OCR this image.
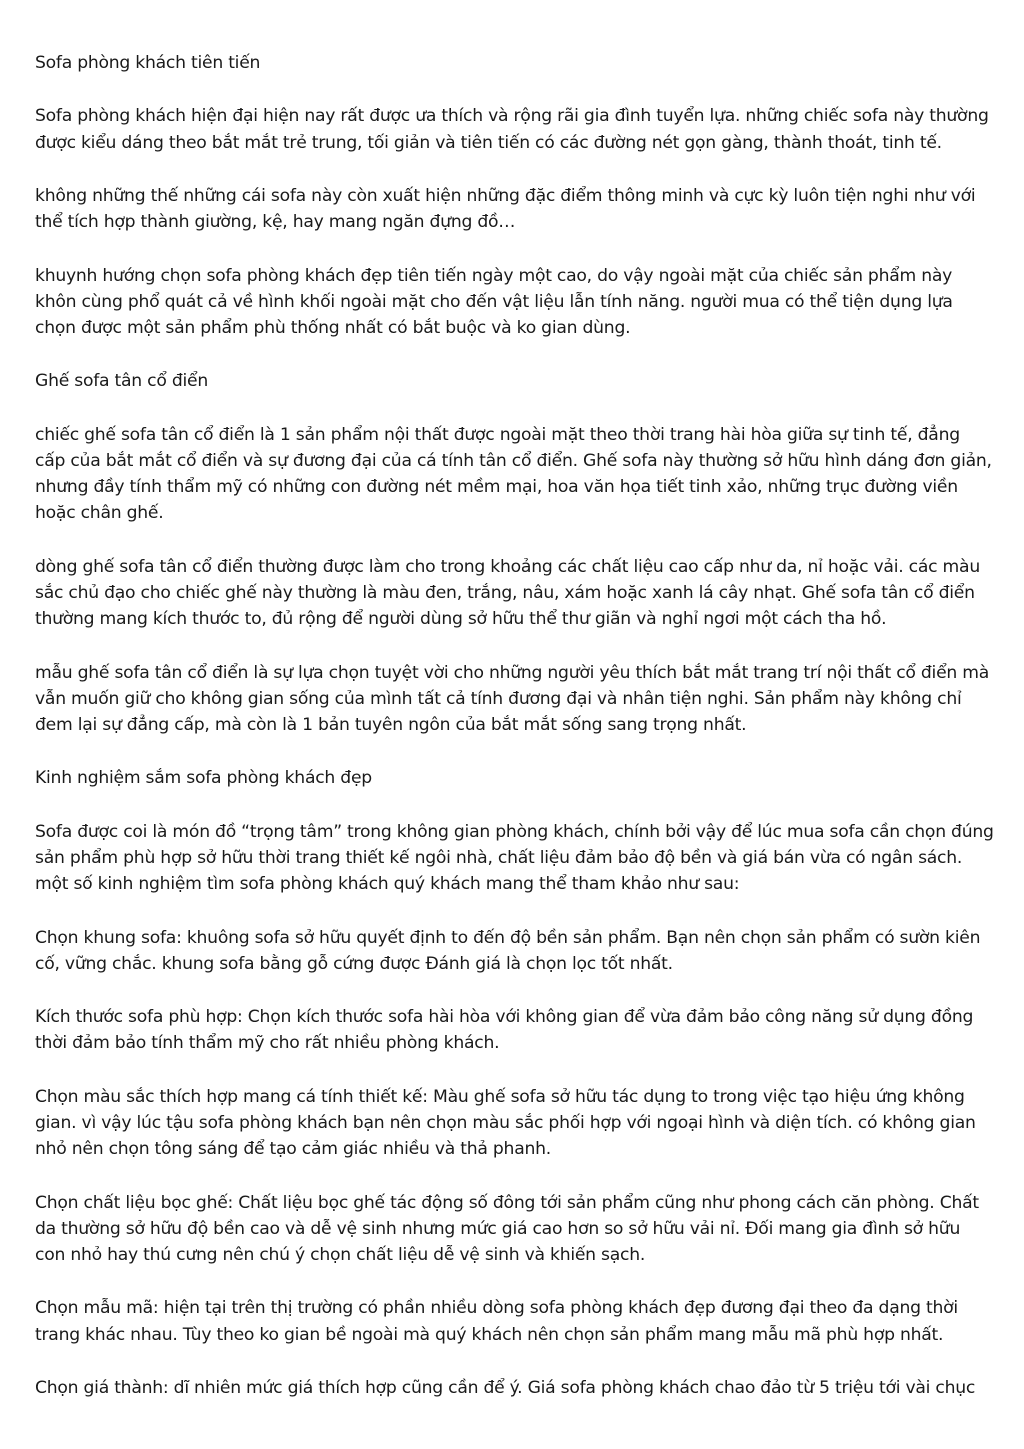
Sofa phòng khách tiên tiến

Sofa phòng khách hiện đại hiện nay rất được ưa thích và rộng rãi gia đình tuyển lựa. những chiếc sofa này thường được kiểu dáng theo bắt mắt trẻ trung, tối giản và tiên tiến có các đường nét gọn gàng, thành thoát, tinh tế.

không những thế những cái sofa này còn xuất hiện những đặc điểm thông minh và cực kỳ luôn tiện nghi như với thể tích hợp thành giường, kệ, hay mang ngăn đựng đồ…

khuynh hướng chọn sofa phòng khách đẹp tiên tiến ngày một cao, do vậy ngoài mặt của chiếc sản phẩm này khôn cùng phổ quát cả về hình khối ngoài mặt cho đến vật liệu lẫn tính năng. người mua có thể tiện dụng lựa chọn được một sản phẩm phù thống nhất có bắt buộc và ko gian dùng.

Ghế sofa tân cổ điển

chiếc ghế sofa tân cổ điển là 1 sản phẩm nội thất được ngoài mặt theo thời trang hài hòa giữa sự tinh tế, đẳng cấp của bắt mắt cổ điển và sự đương đại của cá tính tân cổ điển. Ghế sofa này thường sở hữu hình dáng đơn giản, nhưng đầy tính thẩm mỹ có những con đường nét mềm mại, hoa văn họa tiết tinh xảo, những trục đường viền hoặc chân ghế.

dòng ghế sofa tân cổ điển thường được làm cho trong khoảng các chất liệu cao cấp như da, nỉ hoặc vải. các màu sắc chủ đạo cho chiếc ghế này thường là màu đen, trắng, nâu, xám hoặc xanh lá cây nhạt. Ghế sofa tân cổ điển thường mang kích thước to, đủ rộng để người dùng sở hữu thể thư giãn và nghỉ ngơi một cách tha hồ.

mẫu ghế sofa tân cổ điển là sự lựa chọn tuyệt vời cho những người yêu thích bắt mắt trang trí nội thất cổ điển mà vẫn muốn giữ cho không gian sống của mình tất cả tính đương đại và nhân tiện nghi. Sản phẩm này không chỉ đem lại sự đẳng cấp, mà còn là 1 bản tuyên ngôn của bắt mắt sống sang trọng nhất.

Kinh nghiệm sắm sofa phòng khách đẹp

Sofa được coi là món đồ “trọng tâm” trong không gian phòng khách, chính bởi vậy để lúc mua sofa cần chọn đúng sản phẩm phù hợp sở hữu thời trang thiết kế ngôi nhà, chất liệu đảm bảo độ bền và giá bán vừa có ngân sách. một số kinh nghiệm tìm sofa phòng khách quý khách mang thể tham khảo như sau:

Chọn khung sofa: khuông sofa sở hữu quyết định to đến độ bền sản phẩm. Bạn nên chọn sản phẩm có sườn kiên cố, vững chắc. khung sofa bằng gỗ cứng được Đánh giá là chọn lọc tốt nhất.

Kích thước sofa phù hợp: Chọn kích thước sofa hài hòa với không gian để vừa đảm bảo công năng sử dụng đồng thời đảm bảo tính thẩm mỹ cho rất nhiều phòng khách.

Chọn màu sắc thích hợp mang cá tính thiết kế: Màu ghế sofa sở hữu tác dụng to trong việc tạo hiệu ứng không gian. vì vậy lúc tậu sofa phòng khách bạn nên chọn màu sắc phối hợp với ngoại hình và diện tích. có không gian nhỏ nên chọn tông sáng để tạo cảm giác nhiều và thả phanh.

Chọn chất liệu bọc ghế: Chất liệu bọc ghế tác động số đông tới sản phẩm cũng như phong cách căn phòng. Chất da thường sở hữu độ bền cao và dễ vệ sinh nhưng mức giá cao hơn so sở hữu vải nỉ. Đối mang gia đình sở hữu con nhỏ hay thú cưng nên chú ý chọn chất liệu dễ vệ sinh và khiến sạch.

Chọn mẫu mã: hiện tại trên thị trường có phần nhiều dòng sofa phòng khách đẹp đương đại theo đa dạng thời trang khác nhau. Tùy theo ko gian bề ngoài mà quý khách nên chọn sản phẩm mang mẫu mã phù hợp nhất.

Chọn giá thành: dĩ nhiên mức giá thích hợp cũng cần để ý. Giá sofa phòng khách chao đảo từ 5 triệu tới vài chục
